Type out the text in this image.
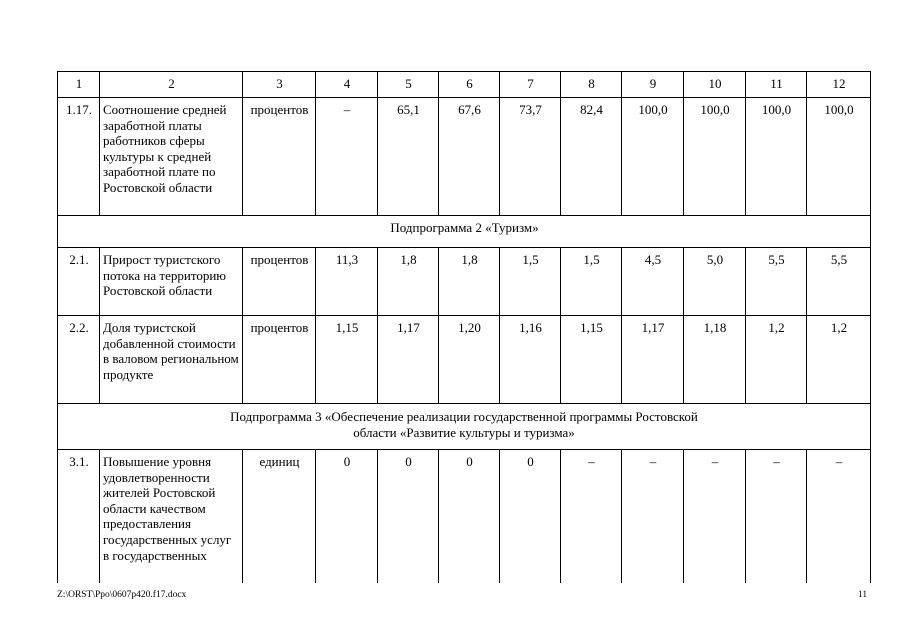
1	2	3	4	5	6	7	8	9	10	11	12
1.17.	Соотношение средней заработной платы работников сферы культуры к средней заработной плате по Ростовской области	процентов	–	65,1	67,6	73,7	82,4	100,0	100,0	100,0	100,0
Подпрограмма 2 «Туризм»											
2.1.	Прирост туристского потока на территорию Ростовской области	процентов	11,3	1,8	1,8	1,5	1,5	4,5	5,0	5,5	5,5
2.2.	Доля туристской добавленной стоимости в валовом региональном продукте	процентов	1,15	1,17	1,20	1,16	1,15	1,17	1,18	1,2	1,2
Подпрограмма 3 «Обеспечение реализации государственной программы Ростовской области «Развитие культуры и туризма»											
3.1.	Повышение уровня удовлетворенности жителей Ростовской области качеством предоставления государственных услуг в государственных	единиц	0	0	0	0	–	–	–	–	–
Z:\ORST\Ppo\0607p420.f17.docx	11
